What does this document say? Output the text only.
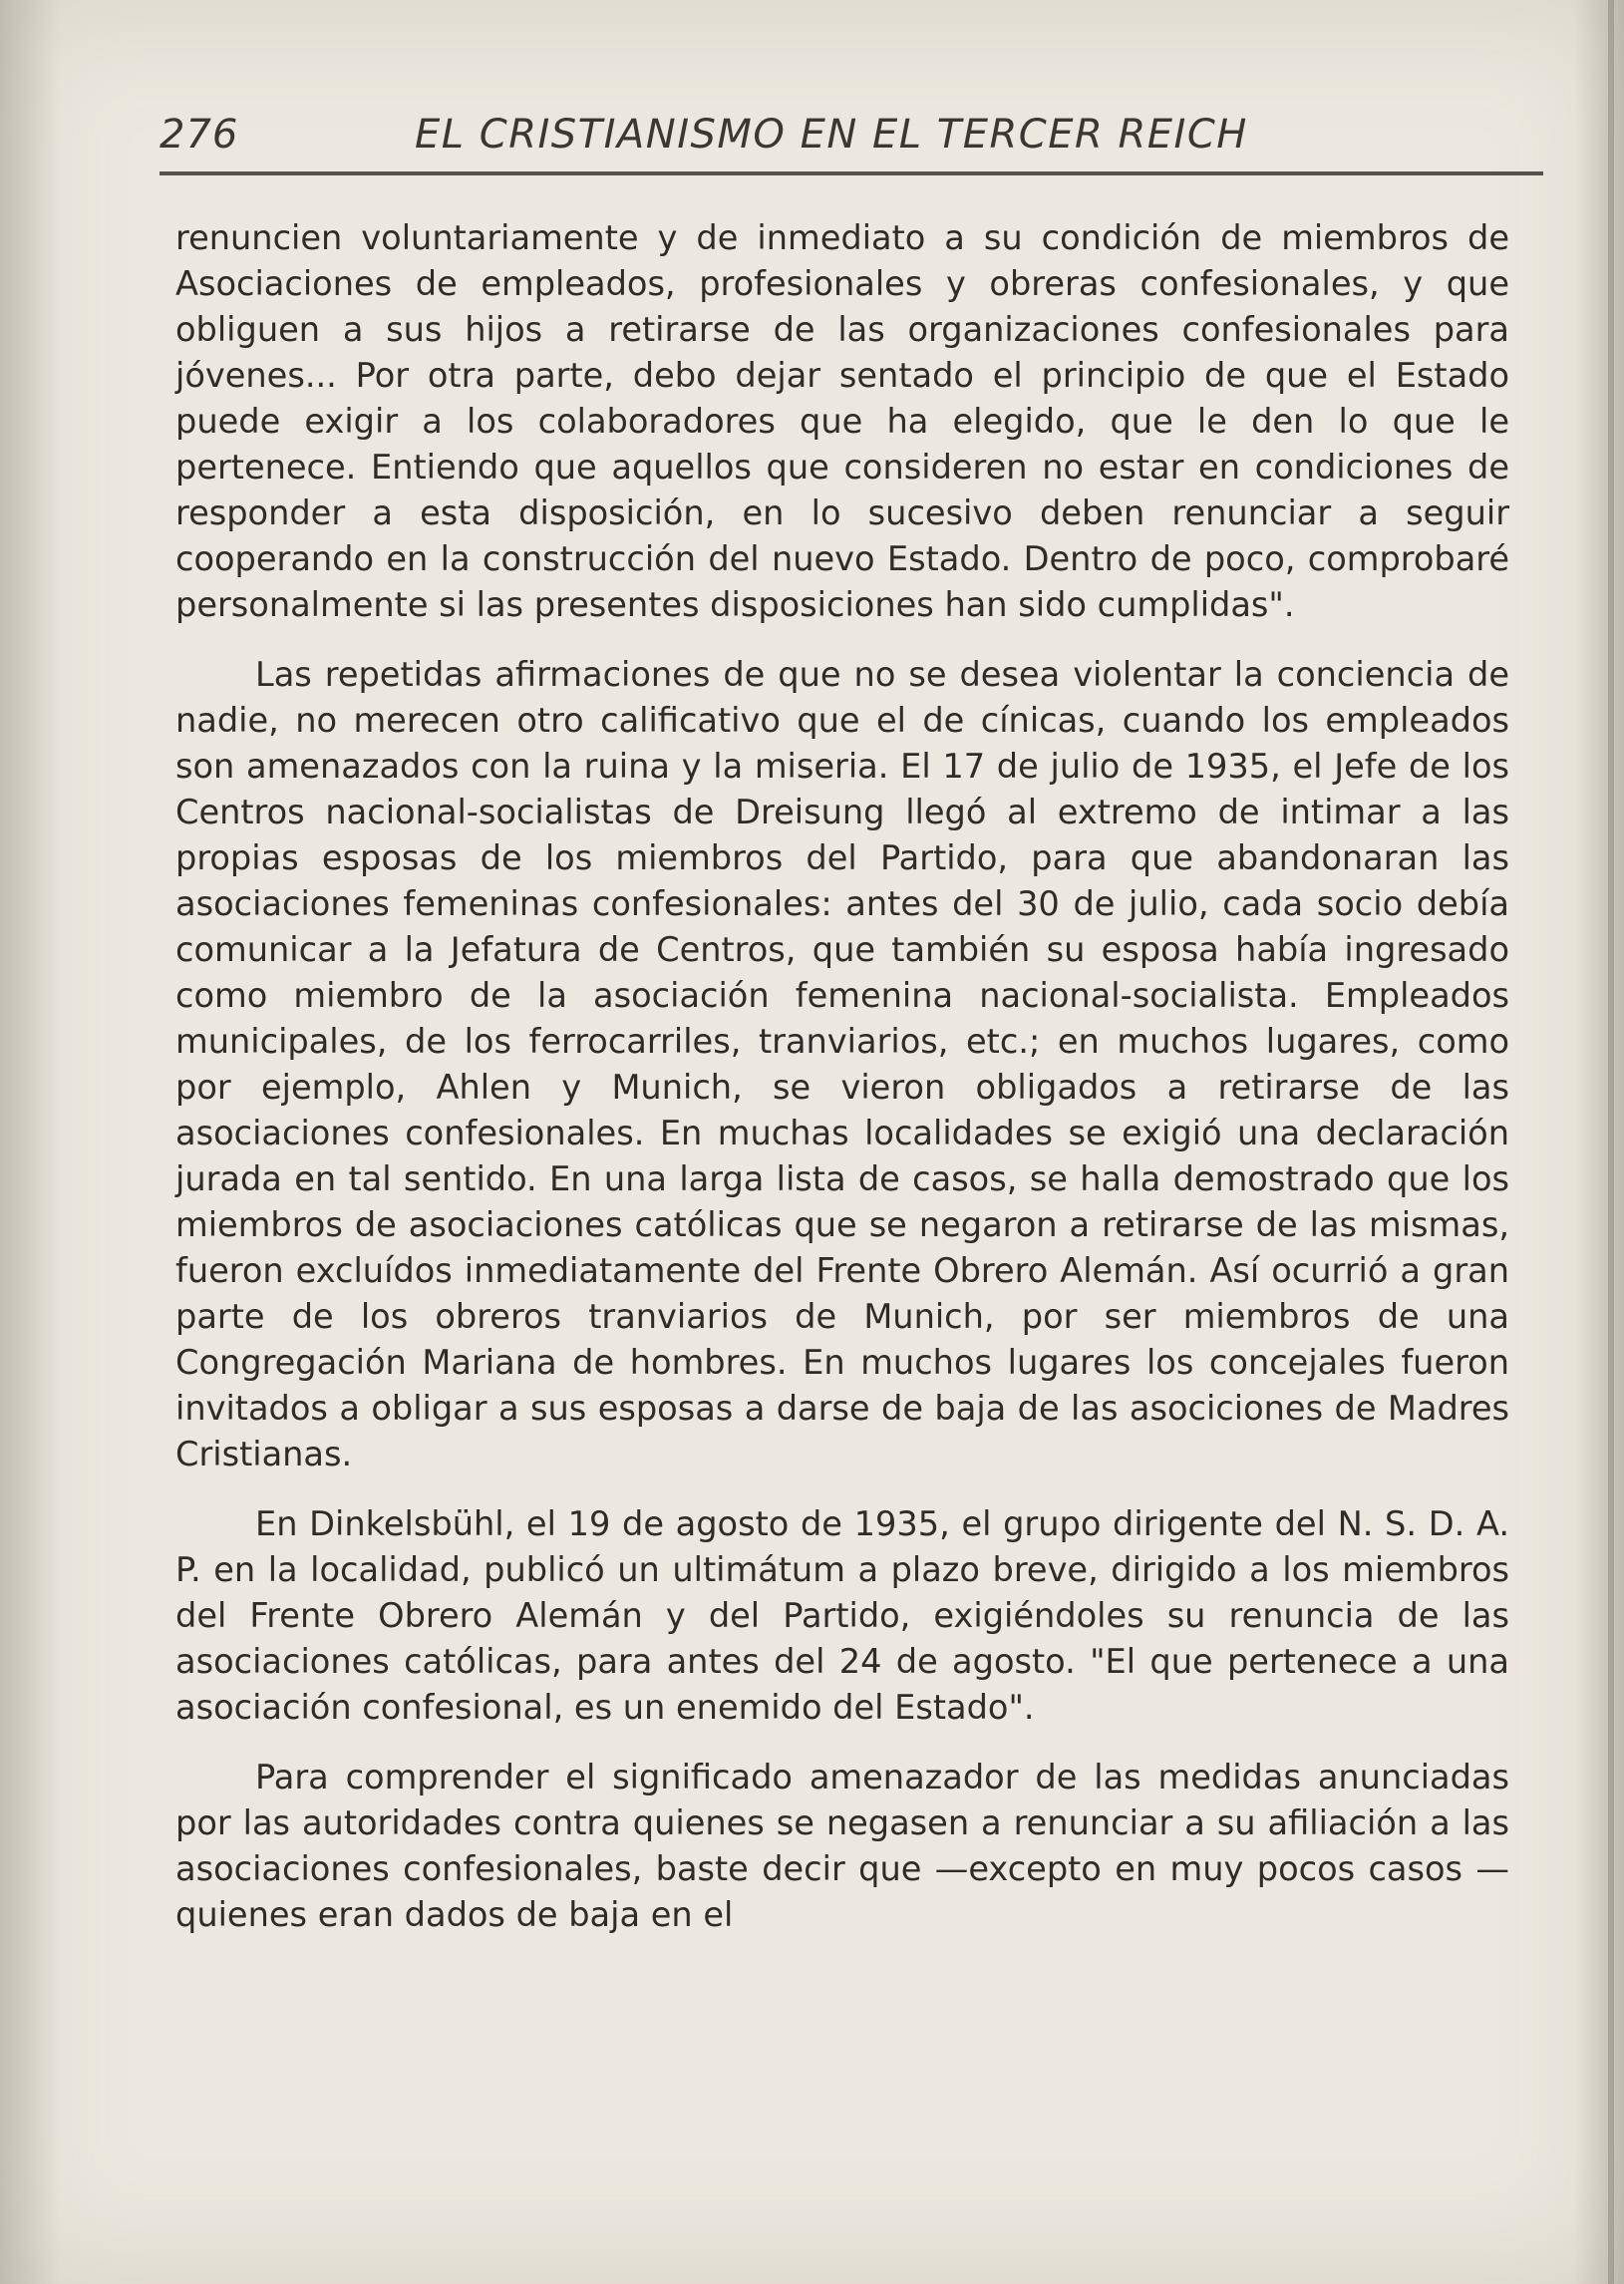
276	EL CRISTIANISMO EN EL TERCER REICH

renuncien voluntariamente y de inmediato a su condición de miembros de Asociaciones de empleados, profesionales y obreras confesionales, y que obliguen a sus hijos a retirarse de las organizaciones confesionales para jóvenes... Por otra parte, debo dejar sentado el principio de que el Estado puede exigir a los colaboradores que ha elegido, que le den lo que le pertenece. Entiendo que aquellos que consideren no estar en condiciones de responder a esta disposición, en lo sucesivo deben renunciar a seguir cooperando en la construcción del nuevo Estado. Dentro de poco, comprobaré personalmente si las presentes disposiciones han sido cumplidas".

Las repetidas afirmaciones de que no se desea violentar la conciencia de nadie, no merecen otro calificativo que el de cínicas, cuando los empleados son amenazados con la ruina y la miseria. El 17 de julio de 1935, el Jefe de los Centros nacional-socialistas de Dreisung llegó al extremo de intimar a las propias esposas de los miembros del Partido, para que abandonaran las asociaciones femeninas confesionales: antes del 30 de julio, cada socio debía comunicar a la Jefatura de Centros, que también su esposa había ingresado como miembro de la asociación femenina nacional-socialista. Empleados municipales, de los ferrocarriles, tranviarios, etc.; en muchos lugares, como por ejemplo, Ahlen y Munich, se vieron obligados a retirarse de las asociaciones confesionales. En muchas localidades se exigió una declaración jurada en tal sentido. En una larga lista de casos, se halla demostrado que los miembros de asociaciones católicas que se negaron a retirarse de las mismas, fueron excluídos inmediatamente del Frente Obrero Alemán. Así ocurrió a gran parte de los obreros tranviarios de Munich, por ser miembros de una Congregación Mariana de hombres. En muchos lugares los concejales fueron invitados a obligar a sus esposas a darse de baja de las asociciones de Madres Cristianas.

En Dinkelsbühl, el 19 de agosto de 1935, el grupo dirigente del N. S. D. A. P. en la localidad, publicó un ultimátum a plazo breve, dirigido a los miembros del Frente Obrero Alemán y del Partido, exigiéndoles su renuncia de las asociaciones católicas, para antes del 24 de agosto. "El que pertenece a una asociación confesional, es un enemido del Estado".

Para comprender el significado amenazador de las medidas anunciadas por las autoridades contra quienes se negasen a renunciar a su afiliación a las asociaciones confesionales, baste decir que —excepto en muy pocos casos — quienes eran dados de baja en el
